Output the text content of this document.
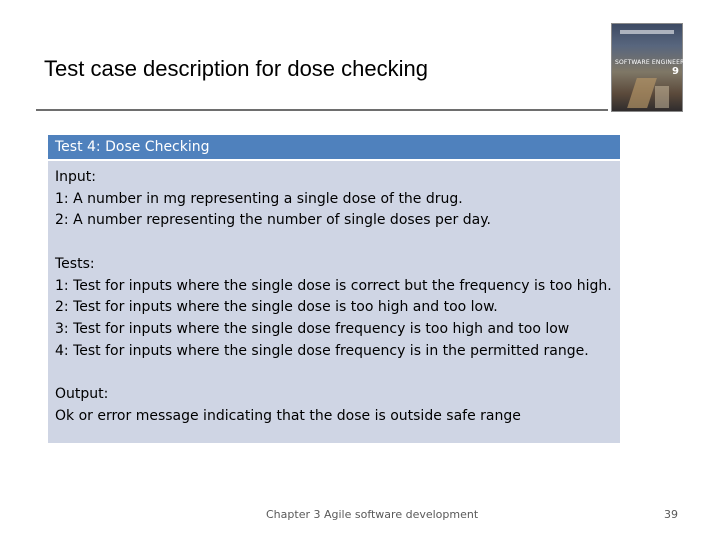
Test case description for dose checking	SOFTWARE ENGINEERING
9
Test 4: Dose Checking
Input:
1: A number in mg representing a single dose of the drug.
2: A number representing the number of single doses per day.
Tests:
1: Test for inputs where the single dose is correct but the frequency is too high.
2: Test for inputs where the single dose is too high and too low.
3: Test for inputs where the single dose frequency is too high and too low
4: Test for inputs where the single dose frequency is in the permitted range.
Output:
Ok or error message indicating that the dose is outside safe range
Chapter 3 Agile software development	39
